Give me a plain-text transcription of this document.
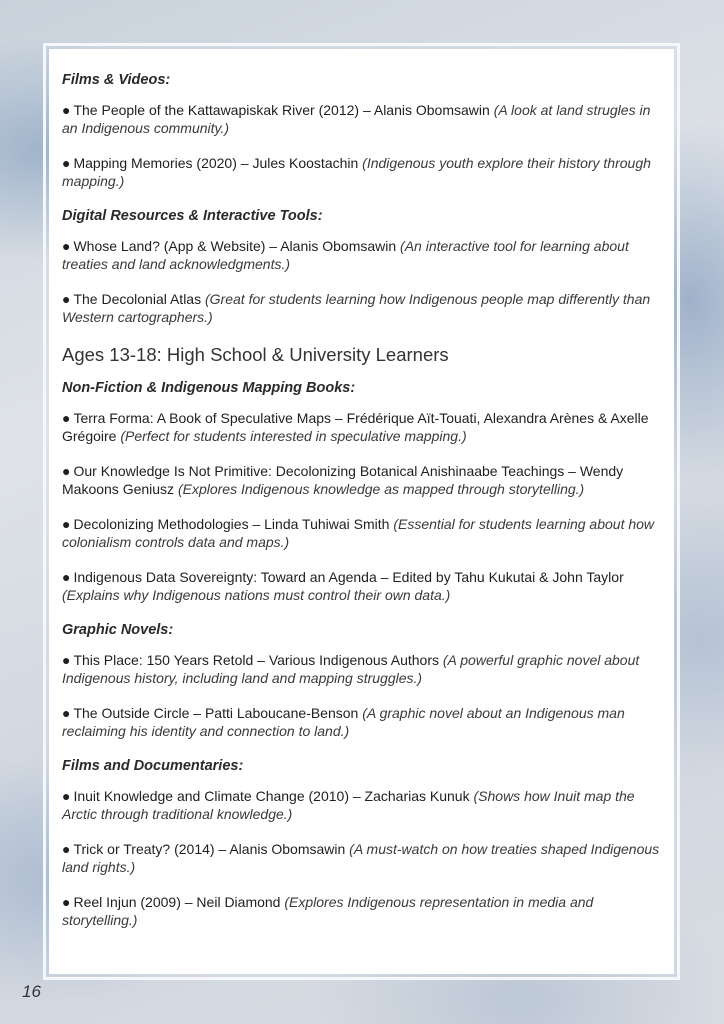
Films & Videos:
● The People of the Kattawapiskak River (2012) – Alanis Obomsawin (A look at land strugles in an Indigenous community.)
● Mapping Memories (2020) – Jules Koostachin (Indigenous youth explore their history through mapping.)
Digital Resources & Interactive Tools:
● Whose Land? (App & Website) – Alanis Obomsawin (An interactive tool for learning about treaties and land acknowledgments.)
● The Decolonial Atlas (Great for students learning how Indigenous people map differently than Western cartographers.)
Ages 13-18: High School & University Learners
Non-Fiction & Indigenous Mapping Books:
● Terra Forma: A Book of Speculative Maps – Frédérique Aït-Touati, Alexandra Arènes & Axelle Grégoire (Perfect for students interested in speculative mapping.)
● Our Knowledge Is Not Primitive: Decolonizing Botanical Anishinaabe Teachings – Wendy Makoons Geniusz (Explores Indigenous knowledge as mapped through storytelling.)
● Decolonizing Methodologies – Linda Tuhiwai Smith (Essential for students learning about how colonialism controls data and maps.)
● Indigenous Data Sovereignty: Toward an Agenda – Edited by Tahu Kukutai & John Taylor (Explains why Indigenous nations must control their own data.)
Graphic Novels:
● This Place: 150 Years Retold – Various Indigenous Authors (A powerful graphic novel about Indigenous history, including land and mapping struggles.)
● The Outside Circle – Patti Laboucane-Benson (A graphic novel about an Indigenous man reclaiming his identity and connection to land.)
Films and Documentaries:
● Inuit Knowledge and Climate Change (2010) – Zacharias Kunuk (Shows how Inuit map the Arctic through traditional knowledge.)
● Trick or Treaty? (2014) – Alanis Obomsawin (A must-watch on how treaties shaped Indigenous land rights.)
● Reel Injun (2009) – Neil Diamond (Explores Indigenous representation in media and storytelling.)
16
